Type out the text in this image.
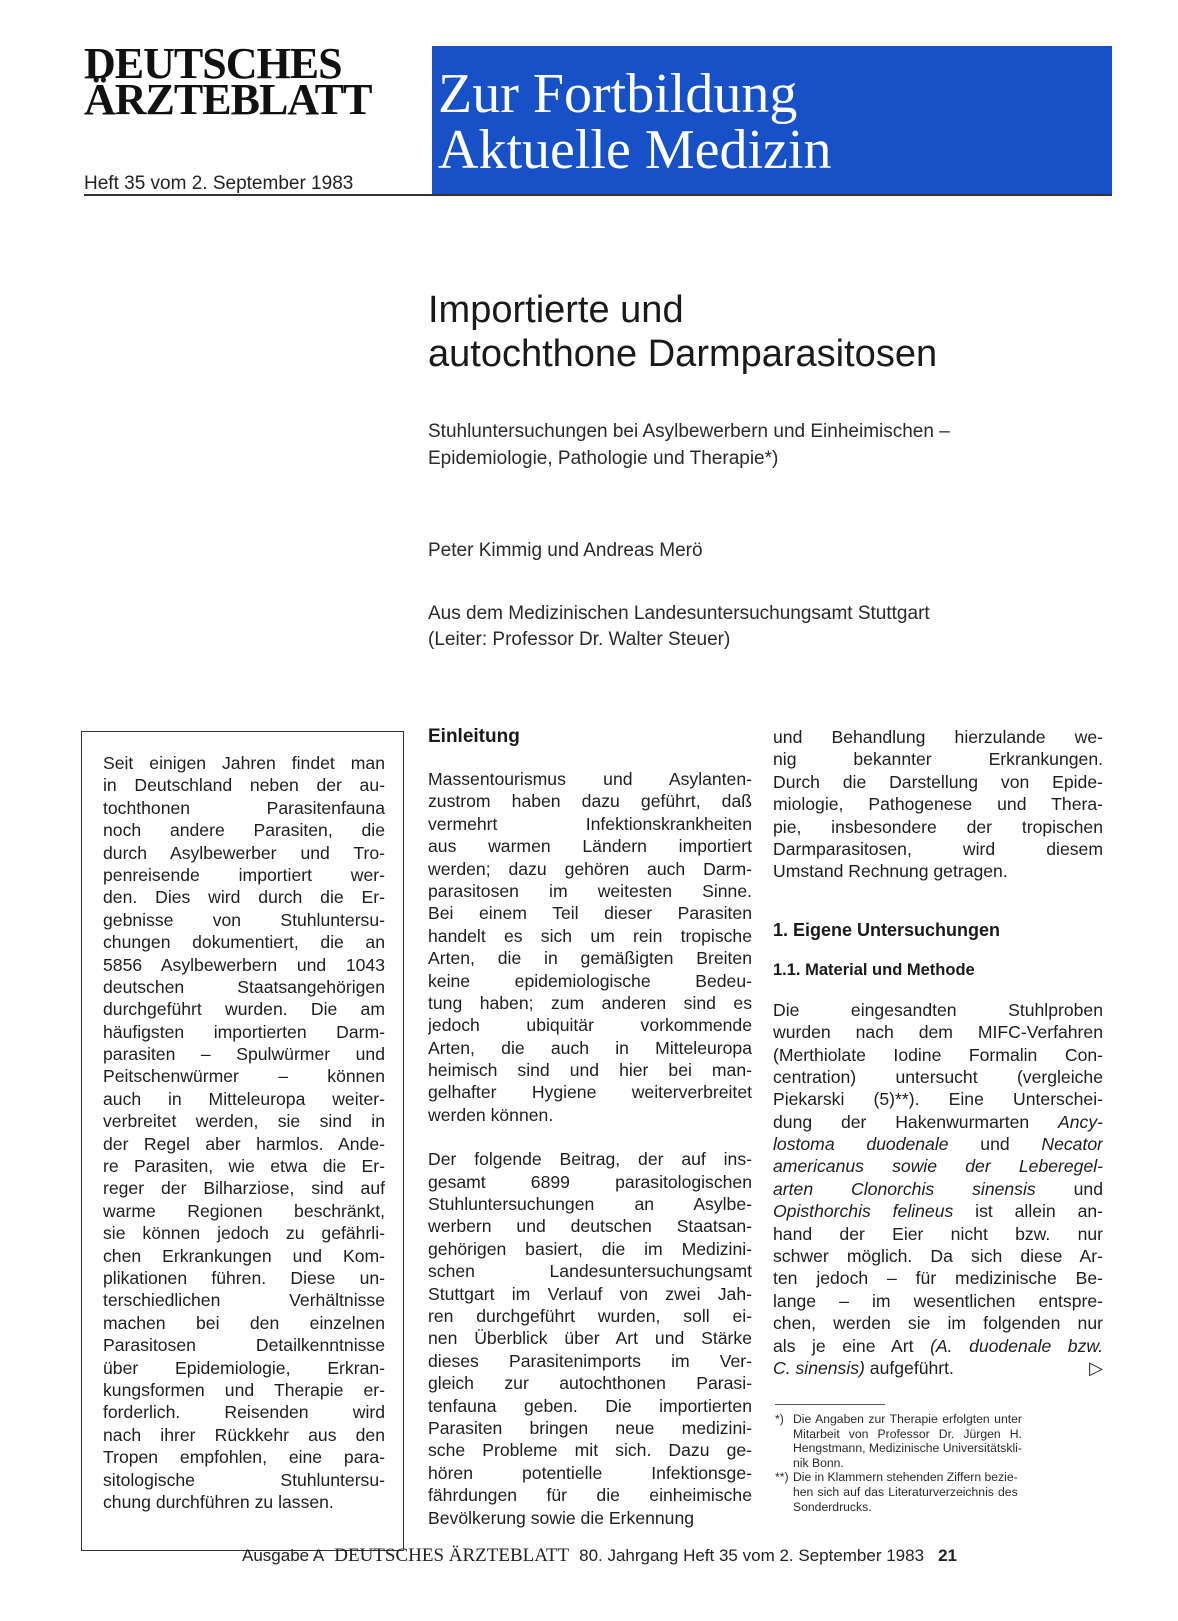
DEUTSCHES
ÄRZTEBLATT
Heft 35 vom 2. September 1983
Zur Fortbildung
Aktuelle Medizin
Importierte und
autochthone Darmparasitosen
Stuhluntersuchungen bei Asylbewerbern und Einheimischen –
Epidemiologie, Pathologie und Therapie*)
Peter Kimmig und Andreas Merö
Aus dem Medizinischen Landesuntersuchungsamt Stuttgart
(Leiter: Professor Dr. Walter Steuer)
Seit einigen Jahren findet man
in Deutschland neben der au-
tochthonen Parasitenfauna
noch andere Parasiten, die
durch Asylbewerber und Tro-
penreisende importiert wer-
den. Dies wird durch die Er-
gebnisse von Stuhluntersu-
chungen dokumentiert, die an
5856 Asylbewerbern und 1043
deutschen Staatsangehörigen
durchgeführt wurden. Die am
häufigsten importierten Darm-
parasiten – Spulwürmer und
Peitschenwürmer – können
auch in Mitteleuropa weiter-
verbreitet werden, sie sind in
der Regel aber harmlos. Ande-
re Parasiten, wie etwa die Er-
reger der Bilharziose, sind auf
warme Regionen beschränkt,
sie können jedoch zu gefährli-
chen Erkrankungen und Kom-
plikationen führen. Diese un-
terschiedlichen Verhältnisse
machen bei den einzelnen
Parasitosen Detailkenntnisse
über Epidemiologie, Erkran-
kungsformen und Therapie er-
forderlich. Reisenden wird
nach ihrer Rückkehr aus den
Tropen empfohlen, eine para-
sitologische Stuhluntersu-
chung durchführen zu lassen.
Einleitung
Massentourismus und Asylanten-
zustrom haben dazu geführt, daß
vermehrt Infektionskrankheiten
aus warmen Ländern importiert
werden; dazu gehören auch Darm-
parasitosen im weitesten Sinne.
Bei einem Teil dieser Parasiten
handelt es sich um rein tropische
Arten, die in gemäßigten Breiten
keine epidemiologische Bedeu-
tung haben; zum anderen sind es
jedoch ubiquitär vorkommende
Arten, die auch in Mitteleuropa
heimisch sind und hier bei man-
gelhafter Hygiene weiterverbreitet
werden können.
Der folgende Beitrag, der auf ins-
gesamt 6899 parasitologischen
Stuhluntersuchungen an Asylbe-
werbern und deutschen Staatsan-
gehörigen basiert, die im Medizini-
schen Landesuntersuchungsamt
Stuttgart im Verlauf von zwei Jah-
ren durchgeführt wurden, soll ei-
nen Überblick über Art und Stärke
dieses Parasitenimports im Ver-
gleich zur autochthonen Parasi-
tenfauna geben. Die importierten
Parasiten bringen neue medizini-
sche Probleme mit sich. Dazu ge-
hören potentielle Infektionsge-
fährdungen für die einheimische
Bevölkerung sowie die Erkennung
und Behandlung hierzulande we-
nig bekannter Erkrankungen.
Durch die Darstellung von Epide-
miologie, Pathogenese und Thera-
pie, insbesondere der tropischen
Darmparasitosen, wird diesem
Umstand Rechnung getragen.
1. Eigene Untersuchungen
1.1. Material und Methode
Die eingesandten Stuhlproben
wurden nach dem MIFC-Verfahren
(Merthiolate Iodine Formalin Con-
centration) untersucht (vergleiche
Piekarski (5)**). Eine Unterschei-
dung der Hakenwurmarten Ancy-
lostoma duodenale und Necator
americanus sowie der Leberegel-
arten Clonorchis sinensis und
Opisthorchis felineus ist allein an-
hand der Eier nicht bzw. nur
schwer möglich. Da sich diese Ar-
ten jedoch – für medizinische Be-
lange – im wesentlichen entspre-
chen, werden sie im folgenden nur
als je eine Art (A. duodenale bzw.
C. sinensis) aufgeführt.	▷
*) Die Angaben zur Therapie erfolgten unter
Mitarbeit von Professor Dr. Jürgen H.
Hengstmann, Medizinische Universitätskli-
nik Bonn.
**) Die in Klammern stehenden Ziffern bezie-
hen sich auf das Literaturverzeichnis des
Sonderdrucks.
Ausgabe A DEUTSCHES ÄRZTEBLATT 80. Jahrgang Heft 35 vom 2. September 1983 21
